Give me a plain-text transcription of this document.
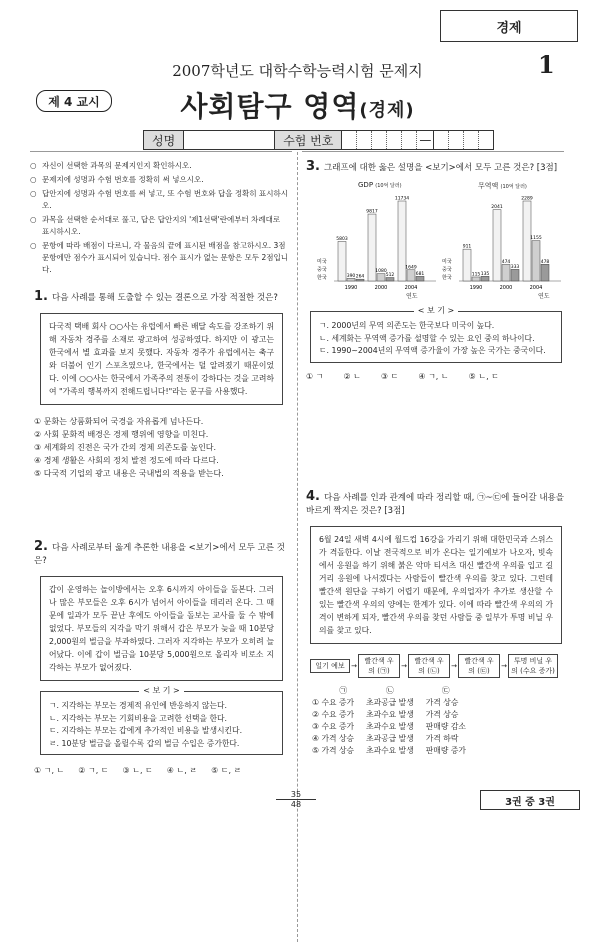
경제
2007학년도 대학수학능력시험 문제지	1
제 4 교시	사회탐구 영역(경제)
성명	수험 번호	—
○ 자신이 선택한 과목의 문제지인지 확인하시오.
○ 문제지에 성명과 수험 번호를 정확히 써 넣으시오.
○ 답안지에 성명과 수험 번호를 써 넣고, 또 수험 번호와 답을 정확히 표시하시오.
○ 과목을 선택한 순서대로 풀고, 답은 답안지의 '제1선택'란에부터 차례대로 표시하시오.
○ 문항에 따라 배점이 다르니, 각 물음의 끝에 표시된 배점을 참고하시오. 3점 문항에만 점수가 표시되어 있습니다. 점수 표시가 없는 문항은 모두 2점입니다.
1. 다음 사례를 통해 도출할 수 있는 결론으로 가장 적절한 것은?
다국적 택배 회사 ○○사는 유럽에서 빠른 배달 속도를 강조하기 위해 자동차 경주를 소재로 광고하여 성공하였다. 하지만 이 광고는 한국에서 별 효과를 보지 못했다. 자동차 경주가 유럽에서는 축구와 더불어 인기 스포츠였으나, 한국에서는 덜 알려졌기 때문이었다. 이에 ○○사는 한국에서 가족주의 전통이 강하다는 것을 고려하여 "가족의 행복까지 전해드립니다!"라는 문구를 사용했다.
① 문화는 상품화되어 국경을 자유롭게 넘나든다.
② 사회 문화적 배경은 경제 행위에 영향을 미친다.
③ 세계화의 진전은 국가 간의 경제 의존도를 높인다.
④ 경제 생활은 사회의 정치 발전 정도에 따라 다르다.
⑤ 다국적 기업의 광고 내용은 국내법의 적용을 받는다.
2. 다음 사례로부터 옳게 추론한 내용을 <보기>에서 모두 고른 것은?
갑이 운영하는 놀이방에서는 오후 6시까지 아이들을 돌본다. 그러나 많은 부모들은 오후 6시가 넘어서 아이들을 데리러 온다. 그 때문에 일과가 모두 끝난 후에도 아이들을 돌보는 교사를 둘 수 밖에 없었다. 부모들의 지각을 막기 위해서 갑은 부모가 늦을 때 10분당 2,000원의 벌금을 부과하였다. 그러자 지각하는 부모가 오히려 늘어났다. 이에 갑이 벌금을 10분당 5,000원으로 올리자 비로소 지각하는 부모가 없어졌다.
< 보 기 >
ㄱ. 지각하는 부모는 경제적 유인에 반응하지 않는다.
ㄴ. 지각하는 부모는 기회비용을 고려한 선택을 한다.
ㄷ. 지각하는 부모는 갑에게 추가적인 비용을 발생시킨다.
ㄹ. 10분당 벌금을 올릴수록 갑의 벌금 수입은 증가한다.
① ㄱ, ㄴ ② ㄱ, ㄷ ③ ㄴ, ㄷ ④ ㄴ, ㄹ ⑤ ㄷ, ㄹ
3. 그래프에 대한 옳은 설명을 <보기>에서 모두 고른 것은? [3점]
5803
390 264
1990
9817
1080
512
2000
11734
1649
681
2004
미국
중국
한국
911
115 135
1990
2041
474
333
2000
2289
1155
478
2004
미국
중국
한국
GDP (10억 달러)	무역액 (10억 달러)
연도	연도
< 보 기 >
ㄱ. 2000년의 무역 의존도는 한국보다 미국이 높다.
ㄴ. 세계화는 무역액 증가를 설명할 수 있는 요인 중의 하나이다.
ㄷ. 1990~2004년의 무역액 증가율이 가장 높은 국가는 중국이다.
① ㄱ	② ㄴ	③ ㄷ	④ ㄱ, ㄴ	⑤ ㄴ, ㄷ
4. 다음 사례를 인과 관계에 따라 정리할 때, ㉠~㉢에 들어갈 내용을 바르게 짝지은 것은? [3점]
6월 24일 새벽 4시에 월드컵 16강을 가리기 위해 대한민국과 스위스가 격돌한다. 이날 전국적으로 비가 온다는 일기예보가 나오자, 빗속에서 응원을 하기 위해 붉은 악마 티셔츠 대신 빨간색 우의를 입고 길거리 응원에 나서겠다는 사람들이 빨간색 우의를 찾고 있다. 그런데 빨간색 원단을 구하기 어렵기 때문에, 우의업자가 추가로 생산할 수 있는 빨간색 우의의 양에는 한계가 있다. 이에 따라 빨간색 우의의 가격이 변하게 되자, 빨간색 우의를 찾던 사람들 중 일부가 투명 비닐 우의를 찾고 있다.
일기 예보 →
빨간색 우의 (㉠)
→
빨간색 우의 (㉡)
→
빨간색 우의 (㉢)
→
투명 비닐 우의 (수요 증가)
	㉠	㉡	㉢
① 수요 증가		초과공급 발생	가격 상승
② 수요 증가		초과수요 발생	가격 상승
③ 수요 증가		초과수요 발생	판매량 감소
④ 가격 상승		초과공급 발생	가격 하락
⑤ 가격 상승		초과수요 발생	판매량 증가
35
48	3권 중 3권
